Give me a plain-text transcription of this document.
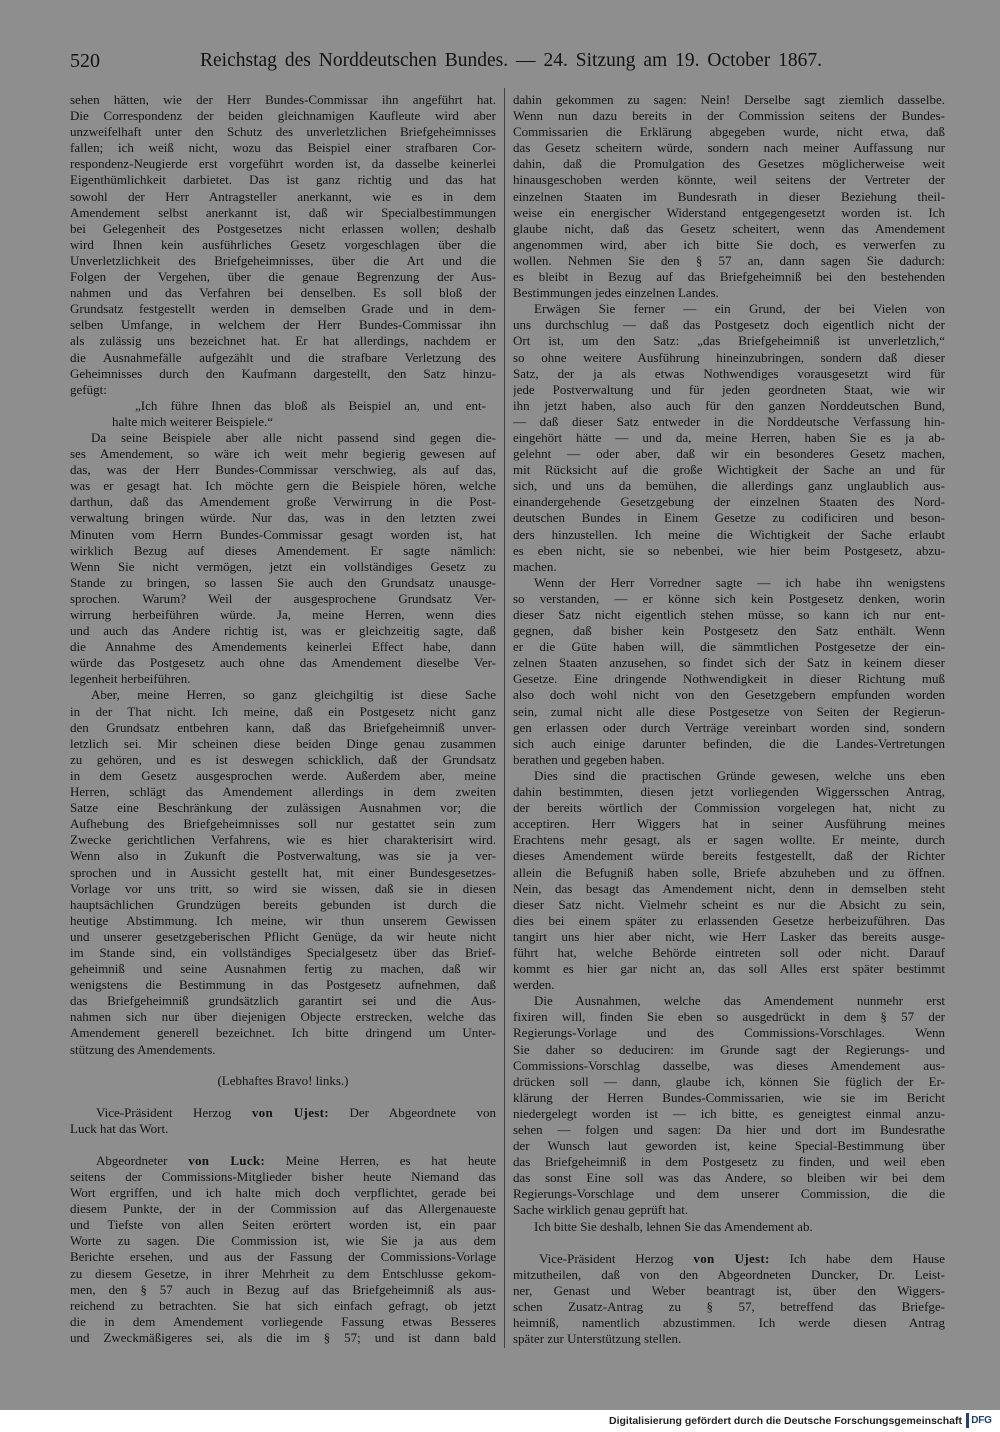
520	Reichstag des Norddeutschen Bundes. — 24. Sitzung am 19. October 1867.
sehen hätten, wie der Herr Bundes-Commissar ihn angeführt hat.
Die Correspondenz der beiden gleichnamigen Kaufleute wird aber
unzweifelhaft unter den Schutz des unverletzlichen Briefgeheimnisses
fallen; ich weiß nicht, wozu das Beispiel einer strafbaren Cor-
respondenz-Neugierde erst vorgeführt worden ist, da dasselbe keinerlei
Eigenthümlichkeit darbietet. Das ist ganz richtig und das hat
sowohl der Herr Antragsteller anerkannt, wie es in dem
Amendement selbst anerkannt ist, daß wir Specialbestimmungen
bei Gelegenheit des Postgesetzes nicht erlassen wollen; deshalb
wird Ihnen kein ausführliches Gesetz vorgeschlagen über die
Unverletzlichkeit des Briefgeheimnisses, über die Art und die
Folgen der Vergehen, über die genaue Begrenzung der Aus-
nahmen und das Verfahren bei denselben. Es soll bloß der
Grundsatz festgestellt werden in demselben Grade und in dem-
selben Umfange, in welchem der Herr Bundes-Commissar ihn
als zulässig uns bezeichnet hat. Er hat allerdings, nachdem er
die Ausnahmefälle aufgezählt und die strafbare Verletzung des
Geheimnisses durch den Kaufmann dargestellt, den Satz hinzu-
gefügt:
„Ich führe Ihnen das bloß als Beispiel an, und ent-
halte mich weiterer Beispiele.“
Da seine Beispiele aber alle nicht passend sind gegen die-
ses Amendement, so wäre ich weit mehr begierig gewesen auf
das, was der Herr Bundes-Commissar verschwieg, als auf das,
was er gesagt hat. Ich möchte gern die Beispiele hören, welche
darthun, daß das Amendement große Verwirrung in die Post-
verwaltung bringen würde. Nur das, was in den letzten zwei
Minuten vom Herrn Bundes-Commissar gesagt worden ist, hat
wirklich Bezug auf dieses Amendement. Er sagte nämlich:
Wenn Sie nicht vermögen, jetzt ein vollständiges Gesetz zu
Stande zu bringen, so lassen Sie auch den Grundsatz unausge-
sprochen. Warum? Weil der ausgesprochene Grundsatz Ver-
wirrung herbeiführen würde. Ja, meine Herren, wenn dies
und auch das Andere richtig ist, was er gleichzeitig sagte, daß
die Annahme des Amendements keinerlei Effect habe, dann
würde das Postgesetz auch ohne das Amendement dieselbe Ver-
legenheit herbeiführen.
Aber, meine Herren, so ganz gleichgiltig ist diese Sache
in der That nicht. Ich meine, daß ein Postgesetz nicht ganz
den Grundsatz entbehren kann, daß das Briefgeheimniß unver-
letzlich sei. Mir scheinen diese beiden Dinge genau zusammen
zu gehören, und es ist deswegen schicklich, daß der Grundsatz
in dem Gesetz ausgesprochen werde. Außerdem aber, meine
Herren, schlägt das Amendement allerdings in dem zweiten
Satze eine Beschränkung der zulässigen Ausnahmen vor; die
Aufhebung des Briefgeheimnisses soll nur gestattet sein zum
Zwecke gerichtlichen Verfahrens, wie es hier charakterisirt wird.
Wenn also in Zukunft die Postverwaltung, was sie ja ver-
sprochen und in Aussicht gestellt hat, mit einer Bundesgesetzes-
Vorlage vor uns tritt, so wird sie wissen, daß sie in diesen
hauptsächlichen Grundzügen bereits gebunden ist durch die
heutige Abstimmung. Ich meine, wir thun unserem Gewissen
und unserer gesetzgeberischen Pflicht Genüge, da wir heute nicht
im Stande sind, ein vollständiges Specialgesetz über das Brief-
geheimniß und seine Ausnahmen fertig zu machen, daß wir
wenigstens die Bestimmung in das Postgesetz aufnehmen, daß
das Briefgeheimniß grundsätzlich garantirt sei und die Aus-
nahmen sich nur über diejenigen Objecte erstrecken, welche das
Amendement generell bezeichnet. Ich bitte dringend um Unter-
stützung des Amendements.
(Lebhaftes Bravo! links.)
Vice-Präsident Herzog von Ujest: Der Abgeordnete von
Luck hat das Wort.
Abgeordneter von Luck: Meine Herren, es hat heute
seitens der Commissions-Mitglieder bisher heute Niemand das
Wort ergriffen, und ich halte mich doch verpflichtet, gerade bei
diesem Punkte, der in der Commission auf das Allergenaueste
und Tiefste von allen Seiten erörtert worden ist, ein paar
Worte zu sagen. Die Commission ist, wie Sie ja aus dem
Berichte ersehen, und aus der Fassung der Commissions-Vorlage
zu diesem Gesetze, in ihrer Mehrheit zu dem Entschlusse gekom-
men, den § 57 auch in Bezug auf das Briefgeheimniß als aus-
reichend zu betrachten. Sie hat sich einfach gefragt, ob jetzt
die in dem Amendement vorliegende Fassung etwas Besseres
und Zweckmäßigeres sei, als die im § 57; und ist dann bald
dahin gekommen zu sagen: Nein! Derselbe sagt ziemlich dasselbe.
Wenn nun dazu bereits in der Commission seitens der Bundes-
Commissarien die Erklärung abgegeben wurde, nicht etwa, daß
das Gesetz scheitern würde, sondern nach meiner Auffassung nur
dahin, daß die Promulgation des Gesetzes möglicherweise weit
hinausgeschoben werden könnte, weil seitens der Vertreter der
einzelnen Staaten im Bundesrath in dieser Beziehung theil-
weise ein energischer Widerstand entgegengesetzt worden ist. Ich
glaube nicht, daß das Gesetz scheitert, wenn das Amendement
angenommen wird, aber ich bitte Sie doch, es verwerfen zu
wollen. Nehmen Sie den § 57 an, dann sagen Sie dadurch:
es bleibt in Bezug auf das Briefgeheimniß bei den bestehenden
Bestimmungen jedes einzelnen Landes.
Erwägen Sie ferner — ein Grund, der bei Vielen von
uns durchschlug — daß das Postgesetz doch eigentlich nicht der
Ort ist, um den Satz: „das Briefgeheimniß ist unverletzlich,“
so ohne weitere Ausführung hineinzubringen, sondern daß dieser
Satz, der ja als etwas Nothwendiges vorausgesetzt wird für
jede Postverwaltung und für jeden geordneten Staat, wie wir
ihn jetzt haben, also auch für den ganzen Norddeutschen Bund,
— daß dieser Satz entweder in die Norddeutsche Verfassung hin-
eingehört hätte — und da, meine Herren, haben Sie es ja ab-
gelehnt — oder aber, daß wir ein besonderes Gesetz machen,
mit Rücksicht auf die große Wichtigkeit der Sache an und für
sich, und uns da bemühen, die allerdings ganz unglaublich aus-
einandergehende Gesetzgebung der einzelnen Staaten des Nord-
deutschen Bundes in Einem Gesetze zu codificiren und beson-
ders hinzustellen. Ich meine die Wichtigkeit der Sache erlaubt
es eben nicht, sie so nebenbei, wie hier beim Postgesetz, abzu-
machen.
Wenn der Herr Vorredner sagte — ich habe ihn wenigstens
so verstanden, — er könne sich kein Postgesetz denken, worin
dieser Satz nicht eigentlich stehen müsse, so kann ich nur ent-
gegnen, daß bisher kein Postgesetz den Satz enthält. Wenn
er die Güte haben will, die sämmtlichen Postgesetze der ein-
zelnen Staaten anzusehen, so findet sich der Satz in keinem dieser
Gesetze. Eine dringende Nothwendigkeit in dieser Richtung muß
also doch wohl nicht von den Gesetzgebern empfunden worden
sein, zumal nicht alle diese Postgesetze von Seiten der Regierun-
gen erlassen oder durch Verträge vereinbart worden sind, sondern
sich auch einige darunter befinden, die die Landes-Vertretungen
berathen und gegeben haben.
Dies sind die practischen Gründe gewesen, welche uns eben
dahin bestimmten, diesen jetzt vorliegenden Wiggersschen Antrag,
der bereits wörtlich der Commission vorgelegen hat, nicht zu
acceptiren. Herr Wiggers hat in seiner Ausführung meines
Erachtens mehr gesagt, als er sagen wollte. Er meinte, durch
dieses Amendement würde bereits festgestellt, daß der Richter
allein die Befugniß haben solle, Briefe abzuheben und zu öffnen.
Nein, das besagt das Amendement nicht, denn in demselben steht
dieser Satz nicht. Vielmehr scheint es nur die Absicht zu sein,
dies bei einem später zu erlassenden Gesetze herbeizuführen. Das
tangirt uns hier aber nicht, wie Herr Lasker das bereits ausge-
führt hat, welche Behörde eintreten soll oder nicht. Darauf
kommt es hier gar nicht an, das soll Alles erst später bestimmt
werden.
Die Ausnahmen, welche das Amendement nunmehr erst
fixiren will, finden Sie eben so ausgedrückt in dem § 57 der
Regierungs-Vorlage und des Commissions-Vorschlages. Wenn
Sie daher so deduciren: im Grunde sagt der Regierungs- und
Commissions-Vorschlag dasselbe, was dieses Amendement aus-
drücken soll — dann, glaube ich, können Sie füglich der Er-
klärung der Herren Bundes-Commissarien, wie sie im Bericht
niedergelegt worden ist — ich bitte, es geneigtest einmal anzu-
sehen — folgen und sagen: Da hier und dort im Bundesrathe
der Wunsch laut geworden ist, keine Special-Bestimmung über
das Briefgeheimniß in dem Postgesetz zu finden, und weil eben
das sonst Eine soll was das Andere, so bleiben wir bei dem
Regierungs-Vorschlage und dem unserer Commission, die die
Sache wirklich genau geprüft hat.
Ich bitte Sie deshalb, lehnen Sie das Amendement ab.
Vice-Präsident Herzog von Ujest: Ich habe dem Hause
mitzutheilen, daß von den Abgeordneten Duncker, Dr. Leist-
ner, Genast und Weber beantragt ist, über den Wiggers-
schen Zusatz-Antrag zu § 57, betreffend das Briefge-
heimniß, namentlich abzustimmen. Ich werde diesen Antrag
später zur Unterstützung stellen.
Digitalisierung gefördert durch die Deutsche Forschungsgemeinschaft DFG
